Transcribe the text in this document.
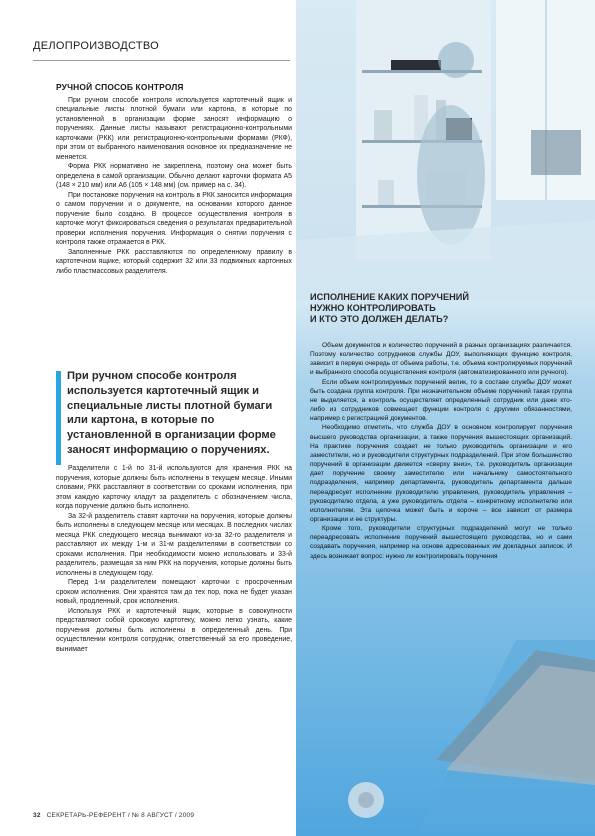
ДЕЛОПРОИЗВОДСТВО

РУЧНОЙ СПОСОБ КОНТРОЛЯ

При ручном способе контроля используется картотечный ящик и специальные листы плотной бумаги или картона, в которые по установленной в организации форме заносят информацию о поручениях. Данные листы называют регистрационно-контрольными карточками (РКК) или регистрационно-контрольными формами (РКФ), при этом от выбранного наименования основное их предназначение не меняется.

Форма РКК нормативно не закреплена, поэтому она может быть определена в самой организации. Обычно делают карточки формата А5 (148 × 210 мм) или А6 (105 × 148 мм) (см. пример на с. 34).

При постановке поручения на контроль в РКК заносится информация о самом поручении и о документе, на основании которого данное поручение было создано. В процессе осуществления контроля в карточке могут фиксироваться сведения о результатах предварительной проверки исполнения поручения. Информация о снятии поручения с контроля также отражается в РКК.

Заполненные РКК расставляются по определенному правилу в картотечном ящике, который содержит 32 или 33 подвижных картонных либо пластмассовых разделителя.

При ручном способе контроля используется картотечный ящик и специальные листы плотной бумаги или картона, в которые по установленной в организации форме заносят информацию о поручениях.

Разделители с 1-й по 31-й используются для хранения РКК на поручения, которые должны быть исполнены в текущем месяце. Иными словами, РКК расставляют в соответствии со сроками исполнения, при этом каждую карточку кладут за разделитель с обозначением числа, когда поручение должно быть исполнено.

За 32-й разделитель ставят карточки на поручения, которые должны быть исполнены в следующем месяце или месяцах. В последних числах месяца РКК следующего месяца вынимают из-за 32-го разделителя и расставляют их между 1-м и 31-м разделителями в соответствии со сроками исполнения. При необходимости можно использовать и 33-й разделитель, размещая за ним РКК на поручения, которые должны быть исполнены в следующем году.

Перед 1-м разделителем помещают карточки с просроченным сроком исполнения. Они хранятся там до тех пор, пока не будет указан новый, продленный, срок исполнения.

Используя РКК и картотечный ящик, которые в совокупности представляют собой сроковую картотеку, можно легко узнать, какие поручения должны быть исполнены в определенный день. При осуществлении контроля сотрудник, ответственный за его проведение, вынимает

ИСПОЛНЕНИЕ КАКИХ ПОРУЧЕНИЙ
НУЖНО КОНТРОЛИРОВАТЬ
И КТО ЭТО ДОЛЖЕН ДЕЛАТЬ?

Объем документов и количество поручений в разных организациях различается. Поэтому количество сотрудников службы ДОУ, выполняющих функцию контроля, зависит в первую очередь от объема работы, т.е. объема контролируемых поручений и выбранного способа осуществления контроля (автоматизированного или ручного).

Если объем контролируемых поручений велик, то в составе службы ДОУ может быть создана группа контроля. При незначительном объеме поручений такая группа не выделяется, а контроль осуществляет определенный сотрудник или даже кто-либо из сотрудников совмещает функции контроля с другими обязанностями, например с регистрацией документов.

Необходимо отметить, что служба ДОУ в основном контролирует поручения высшего руководства организации, а также поручения вышестоящих организаций. На практике поручения создает не только руководитель организации и его заместители, но и руководители структурных подразделений. При этом большинство поручений в организации движется «сверху вниз», т.е. руководитель организации дает поручение своему заместителю или начальнику самостоятельного подразделения, например департамента, руководитель департамента дальше переадресует исполнение руководителю управления, руководитель управления – руководителю отдела, а уже руководитель отдела – конкретному исполнителю или исполнителям. Эта цепочка может быть и короче – все зависит от размера организации и ее структуры.

Кроме того, руководители структурных подразделений могут не только переадресовать исполнение поручений вышестоящего руководства, но и сами создавать поручения, например на основе адресованных им докладных записок. И здесь возникает вопрос: нужно ли контролировать поручения

32 СЕКРЕТАРЬ-РЕФЕРЕНТ / № 8 АВГУСТ / 2009
